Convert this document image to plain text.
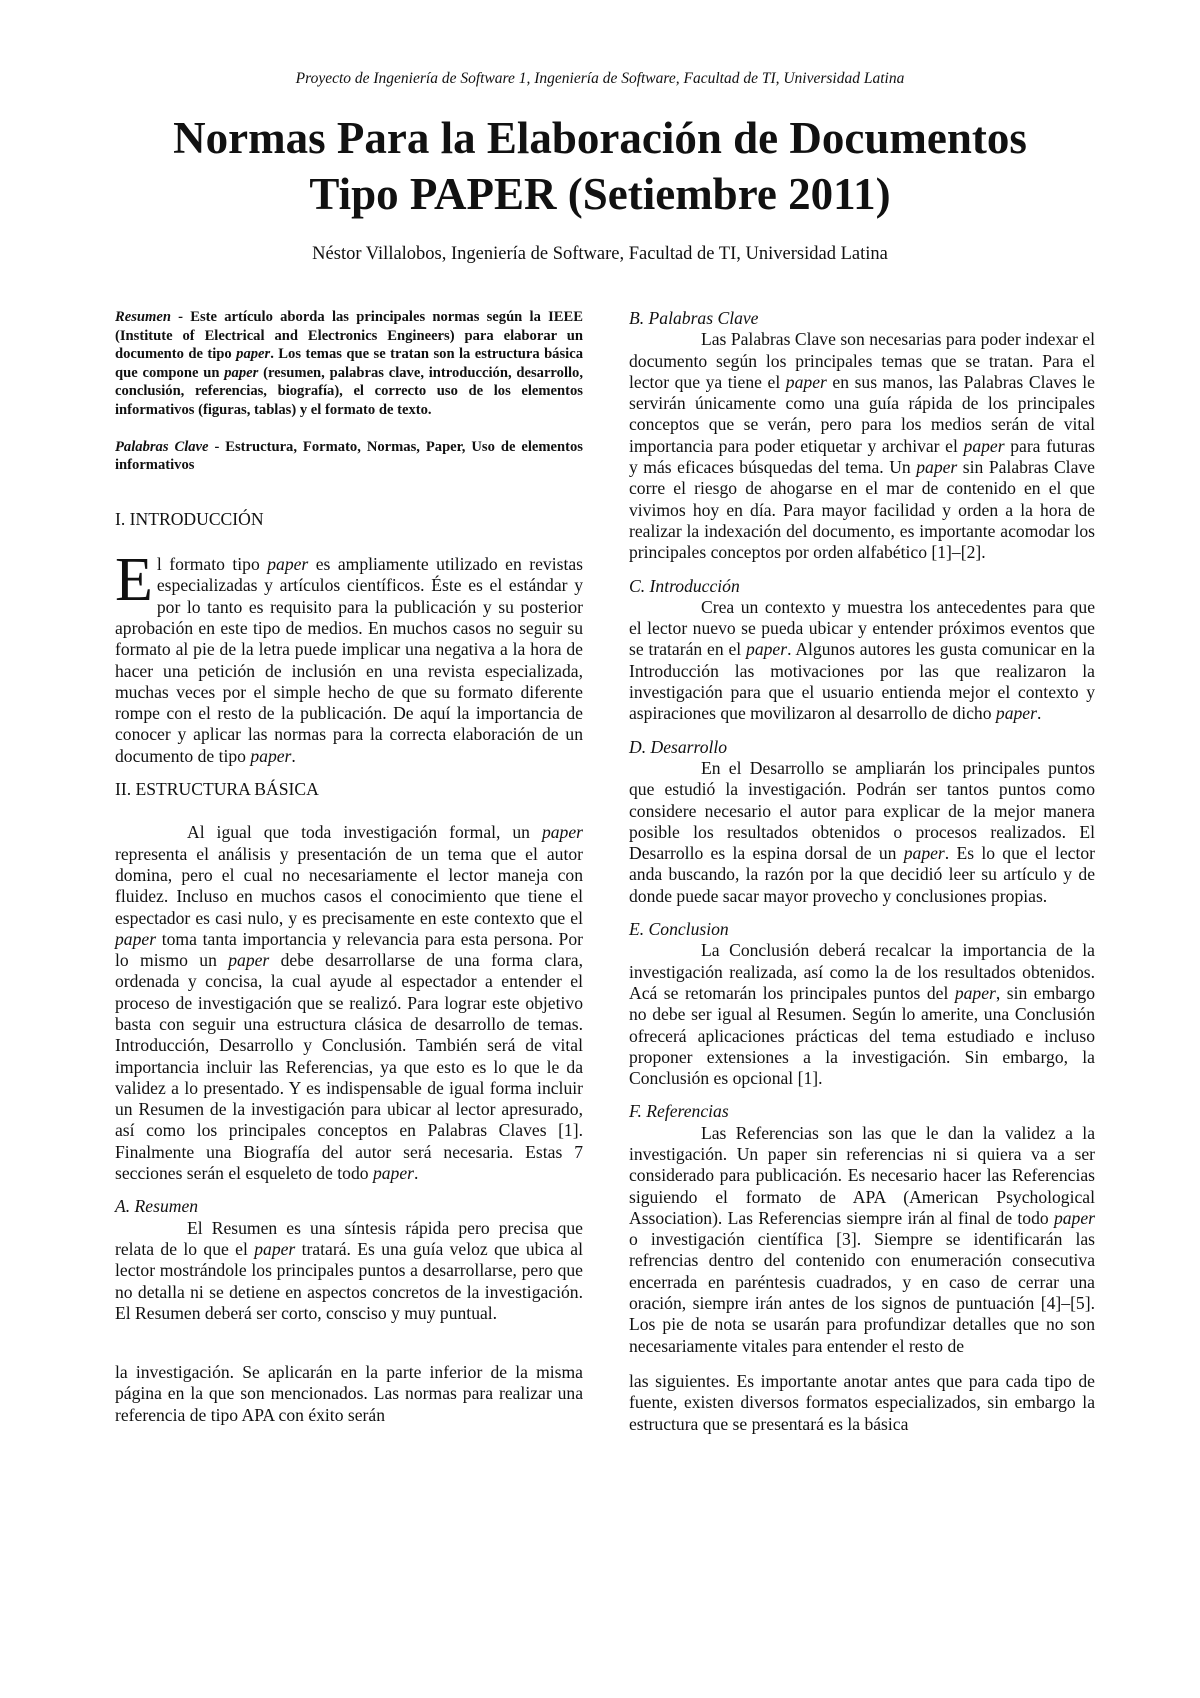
Proyecto de Ingeniería de Software 1, Ingeniería de Software, Facultad de TI, Universidad Latina
Normas Para la Elaboración de Documentos
Tipo PAPER (Setiembre 2011)
Néstor Villalobos, Ingeniería de Software, Facultad de TI, Universidad Latina

Resumen - Este artículo aborda las principales normas según la IEEE (Institute of Electrical and Electronics Engineers) para elaborar un documento de tipo paper. Los temas que se tratan son la estructura básica que compone un paper (resumen, palabras clave, introducción, desarrollo, conclusión, referencias, biografía), el correcto uso de los elementos informativos (figuras, tablas) y el formato de texto.

Palabras Clave - Estructura, Formato, Normas, Paper, Uso de elementos informativos

I. INTRODUCCIÓN

El formato tipo paper es ampliamente utilizado en revistas especializadas y artículos científicos. Éste es el estándar y por lo tanto es requisito para la publicación y su posterior aprobación en este tipo de medios. En muchos casos no seguir su formato al pie de la letra puede implicar una negativa a la hora de hacer una petición de inclusión en una revista especializada, muchas veces por el simple hecho de que su formato diferente rompe con el resto de la publicación. De aquí la importancia de conocer y aplicar las normas para la correcta elaboración de un documento de tipo paper.

II. ESTRUCTURA BÁSICA

Al igual que toda investigación formal, un paper representa el análisis y presentación de un tema que el autor domina, pero el cual no necesariamente el lector maneja con fluidez. Incluso en muchos casos el conocimiento que tiene el espectador es casi nulo, y es precisamente en este contexto que el paper toma tanta importancia y relevancia para esta persona. Por lo mismo un paper debe desarrollarse de una forma clara, ordenada y concisa, la cual ayude al espectador a entender el proceso de investigación que se realizó. Para lograr este objetivo basta con seguir una estructura clásica de desarrollo de temas. Introducción, Desarrollo y Conclusión. También será de vital importancia incluir las Referencias, ya que esto es lo que le da validez a lo presentado. Y es indispensable de igual forma incluir un Resumen de la investigación para ubicar al lector apresurado, así como los principales conceptos en Palabras Claves [1]. Finalmente una Biografía del autor será necesaria. Estas 7 secciones serán el esqueleto de todo paper.

A. Resumen

El Resumen es una síntesis rápida pero precisa que relata de lo que el paper tratará. Es una guía veloz que ubica al lector mostrándole los principales puntos a desarrollarse, pero que no detalla ni se detiene en aspectos concretos de la investigación. El Resumen deberá ser corto, consciso y muy puntual.

la investigación. Se aplicarán en la parte inferior de la misma página en la que son mencionados. Las normas para realizar una referencia de tipo APA con éxito serán

B. Palabras Clave

Las Palabras Clave son necesarias para poder indexar el documento según los principales temas que se tratan. Para el lector que ya tiene el paper en sus manos, las Palabras Claves le servirán únicamente como una guía rápida de los principales conceptos que se verán, pero para los medios serán de vital importancia para poder etiquetar y archivar el paper para futuras y más eficaces búsquedas del tema. Un paper sin Palabras Clave corre el riesgo de ahogarse en el mar de contenido en el que vivimos hoy en día. Para mayor facilidad y orden a la hora de realizar la indexación del documento, es importante acomodar los principales conceptos por orden alfabético [1]–[2].

C. Introducción

Crea un contexto y muestra los antecedentes para que el lector nuevo se pueda ubicar y entender próximos eventos que se tratarán en el paper. Algunos autores les gusta comunicar en la Introducción las motivaciones por las que realizaron la investigación para que el usuario entienda mejor el contexto y aspiraciones que movilizaron al desarrollo de dicho paper.

D. Desarrollo

En el Desarrollo se ampliarán los principales puntos que estudió la investigación. Podrán ser tantos puntos como considere necesario el autor para explicar de la mejor manera posible los resultados obtenidos o procesos realizados. El Desarrollo es la espina dorsal de un paper. Es lo que el lector anda buscando, la razón por la que decidió leer su artículo y de donde puede sacar mayor provecho y conclusiones propias.

E. Conclusion

La Conclusión deberá recalcar la importancia de la investigación realizada, así como la de los resultados obtenidos. Acá se retomarán los principales puntos del paper, sin embargo no debe ser igual al Resumen. Según lo amerite, una Conclusión ofrecerá aplicaciones prácticas del tema estudiado e incluso proponer extensiones a la investigación. Sin embargo, la Conclusión es opcional [1].

F. Referencias

Las Referencias son las que le dan la validez a la investigación. Un paper sin referencias ni si quiera va a ser considerado para publicación. Es necesario hacer las Referencias siguiendo el formato de APA (American Psychological Association). Las Referencias siempre irán al final de todo paper o investigación científica [3]. Siempre se identificarán las refrencias dentro del contenido con enumeración consecutiva encerrada en paréntesis cuadrados, y en caso de cerrar una oración, siempre irán antes de los signos de puntuación [4]–[5]. Los pie de nota se usarán para profundizar detalles que no son necesariamente vitales para entender el resto de

las siguientes. Es importante anotar antes que para cada tipo de fuente, existen diversos formatos especializados, sin embargo la estructura que se presentará es la básica
